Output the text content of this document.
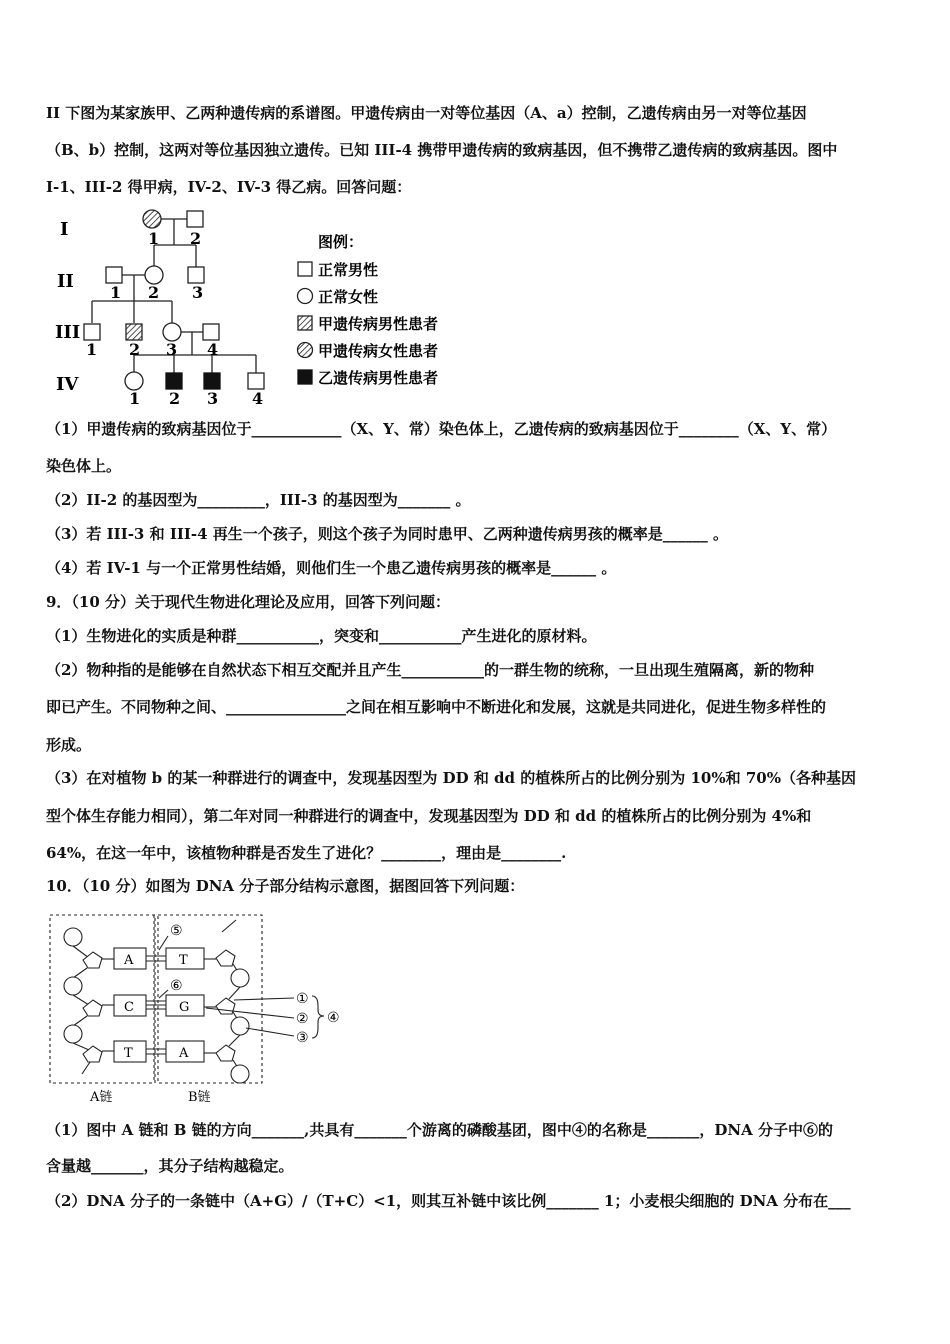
II 下图为某家族甲、乙两种遗传病的系谱图。甲遗传病由一对等位基因（A、a）控制，乙遗传病由另一对等位基因
（B、b）控制，这两对等位基因独立遗传。已知 III-4 携带甲遗传病的致病基因，但不携带乙遗传病的致病基因。图中
I-1、III-2 得甲病，IV-2、IV-3 得乙病。回答问题：
I
II
III
IV
1 2
1 2 3
1 2 3 4
1 2 3 4
图例：
正常男性
正常女性
甲遗传病男性患者
甲遗传病女性患者
乙遗传病男性患者
（1）甲遗传病的致病基因位于____________（X、Y、常）染色体上，乙遗传病的致病基因位于________（X、Y、常）
染色体上。
（2）II-2 的基因型为_________，III-3 的基因型为_______ 。
（3）若 III-3 和 III-4 再生一个孩子，则这个孩子为同时患甲、乙两种遗传病男孩的概率是______ 。
（4）若 IV-1 与一个正常男性结婚，则他们生一个患乙遗传病男孩的概率是______ 。
9．（10 分）关于现代生物进化理论及应用，回答下列问题：
（1）生物进化的实质是种群___________，突变和___________产生进化的原材料。
（2）物种指的是能够在自然状态下相互交配并且产生___________的一群生物的统称，一旦出现生殖隔离，新的物种
即已产生。不同物种之间、________________之间在相互影响中不断进化和发展，这就是共同进化，促进生物多样性的
形成。
（3）在对植物 b 的某一种群进行的调查中，发现基因型为 DD 和 dd 的植株所占的比例分别为 10%和 70%（各种基因
型个体生存能力相同），第二年对同一种群进行的调查中，发现基因型为 DD 和 dd 的植株所占的比例分别为 4%和
64%，在这一年中，该植物种群是否发生了进化？________，理由是________.
10．（10 分）如图为 DNA 分子部分结构示意图，据图回答下列问题：
A	T
C	G
T	A
⑤
⑥
①
②
③
④
A链	B链
（1）图中 A 链和 B 链的方向_______,共具有_______个游离的磷酸基团，图中④的名称是_______，DNA 分子中⑥的
含量越_______，其分子结构越稳定。
（2）DNA 分子的一条链中（A+G）/（T+C）<1，则其互补链中该比例_______ 1；小麦根尖细胞的 DNA 分布在___
